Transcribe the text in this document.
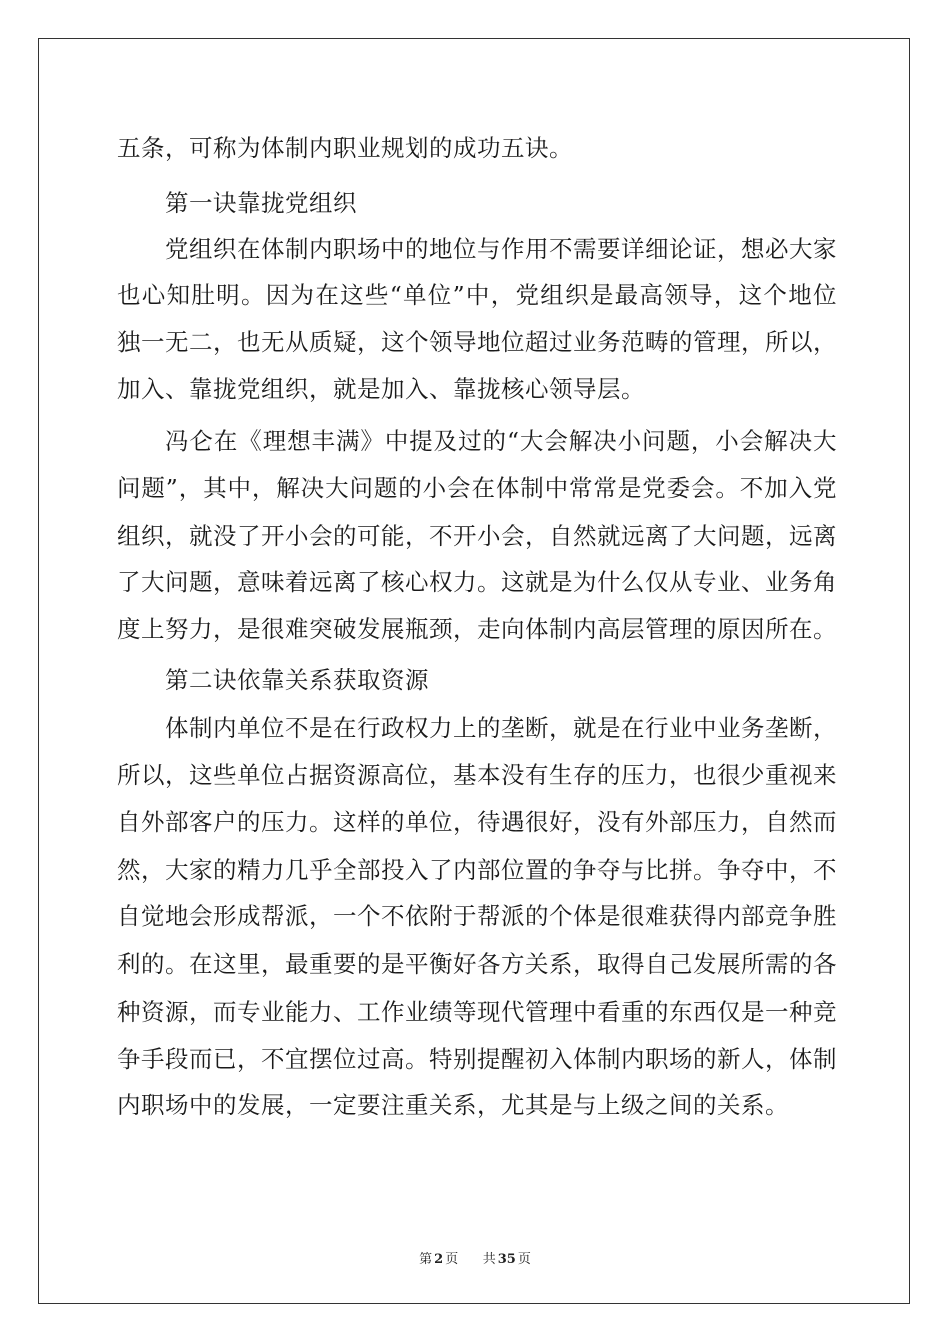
五条，可称为体制内职业规划的成功五诀。
第一诀靠拢党组织
党组织在体制内职场中的地位与作用不需要详细论证，想必大家
也心知肚明。因为在这些“单位”中，党组织是最高领导，这个地位
独一无二，也无从质疑，这个领导地位超过业务范畴的管理，所以，
加入、靠拢党组织，就是加入、靠拢核心领导层。
冯仑在《理想丰满》中提及过的“大会解决小问题，小会解决大
问题”，其中，解决大问题的小会在体制中常常是党委会。不加入党
组织，就没了开小会的可能，不开小会，自然就远离了大问题，远离
了大问题，意味着远离了核心权力。这就是为什么仅从专业、业务角
度上努力，是很难突破发展瓶颈，走向体制内高层管理的原因所在。
第二诀依靠关系获取资源
体制内单位不是在行政权力上的垄断，就是在行业中业务垄断，
所以，这些单位占据资源高位，基本没有生存的压力，也很少重视来
自外部客户的压力。这样的单位，待遇很好，没有外部压力，自然而
然，大家的精力几乎全部投入了内部位置的争夺与比拼。争夺中，不
自觉地会形成帮派，一个不依附于帮派的个体是很难获得内部竞争胜
利的。在这里，最重要的是平衡好各方关系，取得自己发展所需的各
种资源，而专业能力、工作业绩等现代管理中看重的东西仅是一种竞
争手段而已，不宜摆位过高。特别提醒初入体制内职场的新人，体制
内职场中的发展，一定要注重关系，尤其是与上级之间的关系。
第 2 页 共 35 页
